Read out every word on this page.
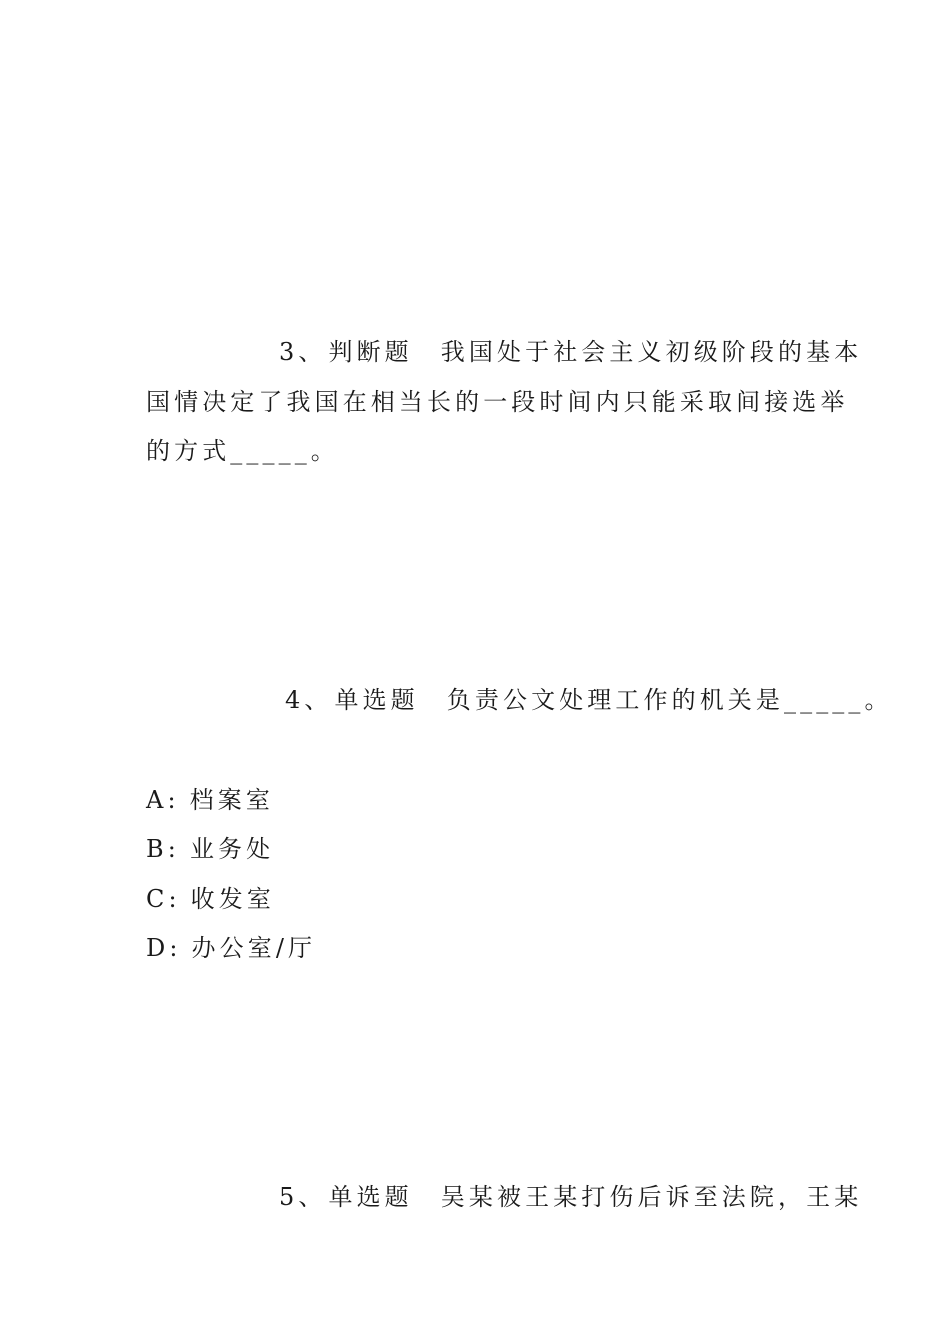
3、判断题 我国处于社会主义初级阶段的基本
国情决定了我国在相当长的一段时间内只能采取间接选举
的方式_____。
4、单选题 负责公文处理工作的机关是_____。
A: 档案室
B: 业务处
C: 收发室
D: 办公室/厅
5、单选题 吴某被王某打伤后诉至法院，王某
